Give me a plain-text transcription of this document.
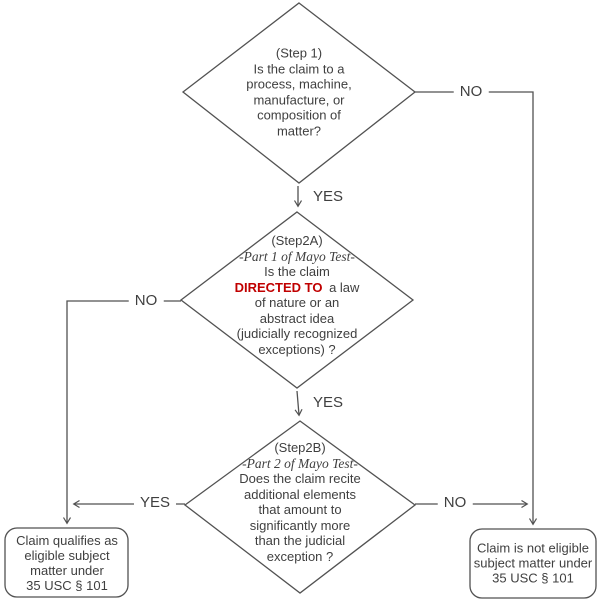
(Step 1)
Is the claim to a
process, machine,
manufacture, or
composition of
matter?
(Step2A)
-Part 1 of Mayo Test-
Is the claim
DIRECTED TO a law
of nature or an
abstract idea
(judicially recognized
exceptions) ?
(Step2B)
-Part 2 of Mayo Test-
Does the claim recite
additional elements
that amount to
significantly more
than the judicial
exception ?
Claim qualifies as
eligible subject
matter under
35 USC § 101
Claim is not eligible
subject matter under
35 USC § 101
NO
YES
NO
YES
YES	NO
